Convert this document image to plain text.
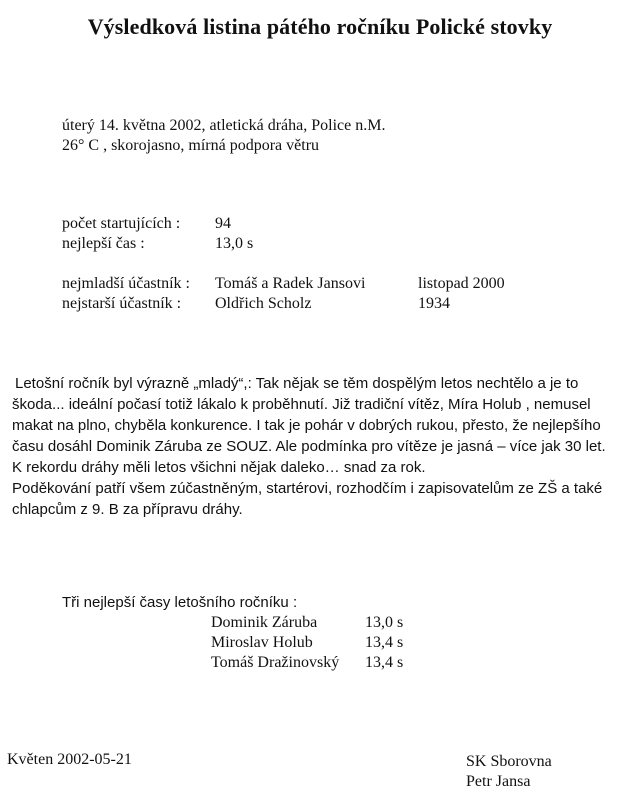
Výsledková listina pátého ročníku Polické stovky
úterý 14. května 2002, atletická dráha, Police n.M.
26° C , skorojasno, mírná podpora větru
počet startujících : 94
nejlepší čas :	13,0 s
nejmladší účastník : Tomáš a Radek Jansovi	listopad 2000
nejstarší účastník : Oldřich Scholz	1934
Letošní ročník byl výrazně „mladý“,: Tak nějak se těm dospělým letos nechtělo a je to
škoda... ideální počasí totiž lákalo k proběhnutí. Již tradiční vítěz, Míra Holub , nemusel
makat na plno, chyběla konkurence. I tak je pohár v dobrých rukou, přesto, že nejlepšího
času dosáhl Dominik Záruba ze SOUZ. Ale podmínka pro vítěze je jasná – více jak 30 let.
K rekordu dráhy měli letos všichni nějak daleko… snad za rok.
Poděkování patří všem zúčastněným, startérovi, rozhodčím i zapisovatelům ze ZŠ a také
chlapcům z 9. B za přípravu dráhy.
Tři nejlepší časy letošního ročníku :
Dominik Záruba	13,0 s
Miroslav Holub	13,4 s
Tomáš Dražinovský 13,4 s
Květen 2002-05-21	SK Sborovna
Petr Jansa
